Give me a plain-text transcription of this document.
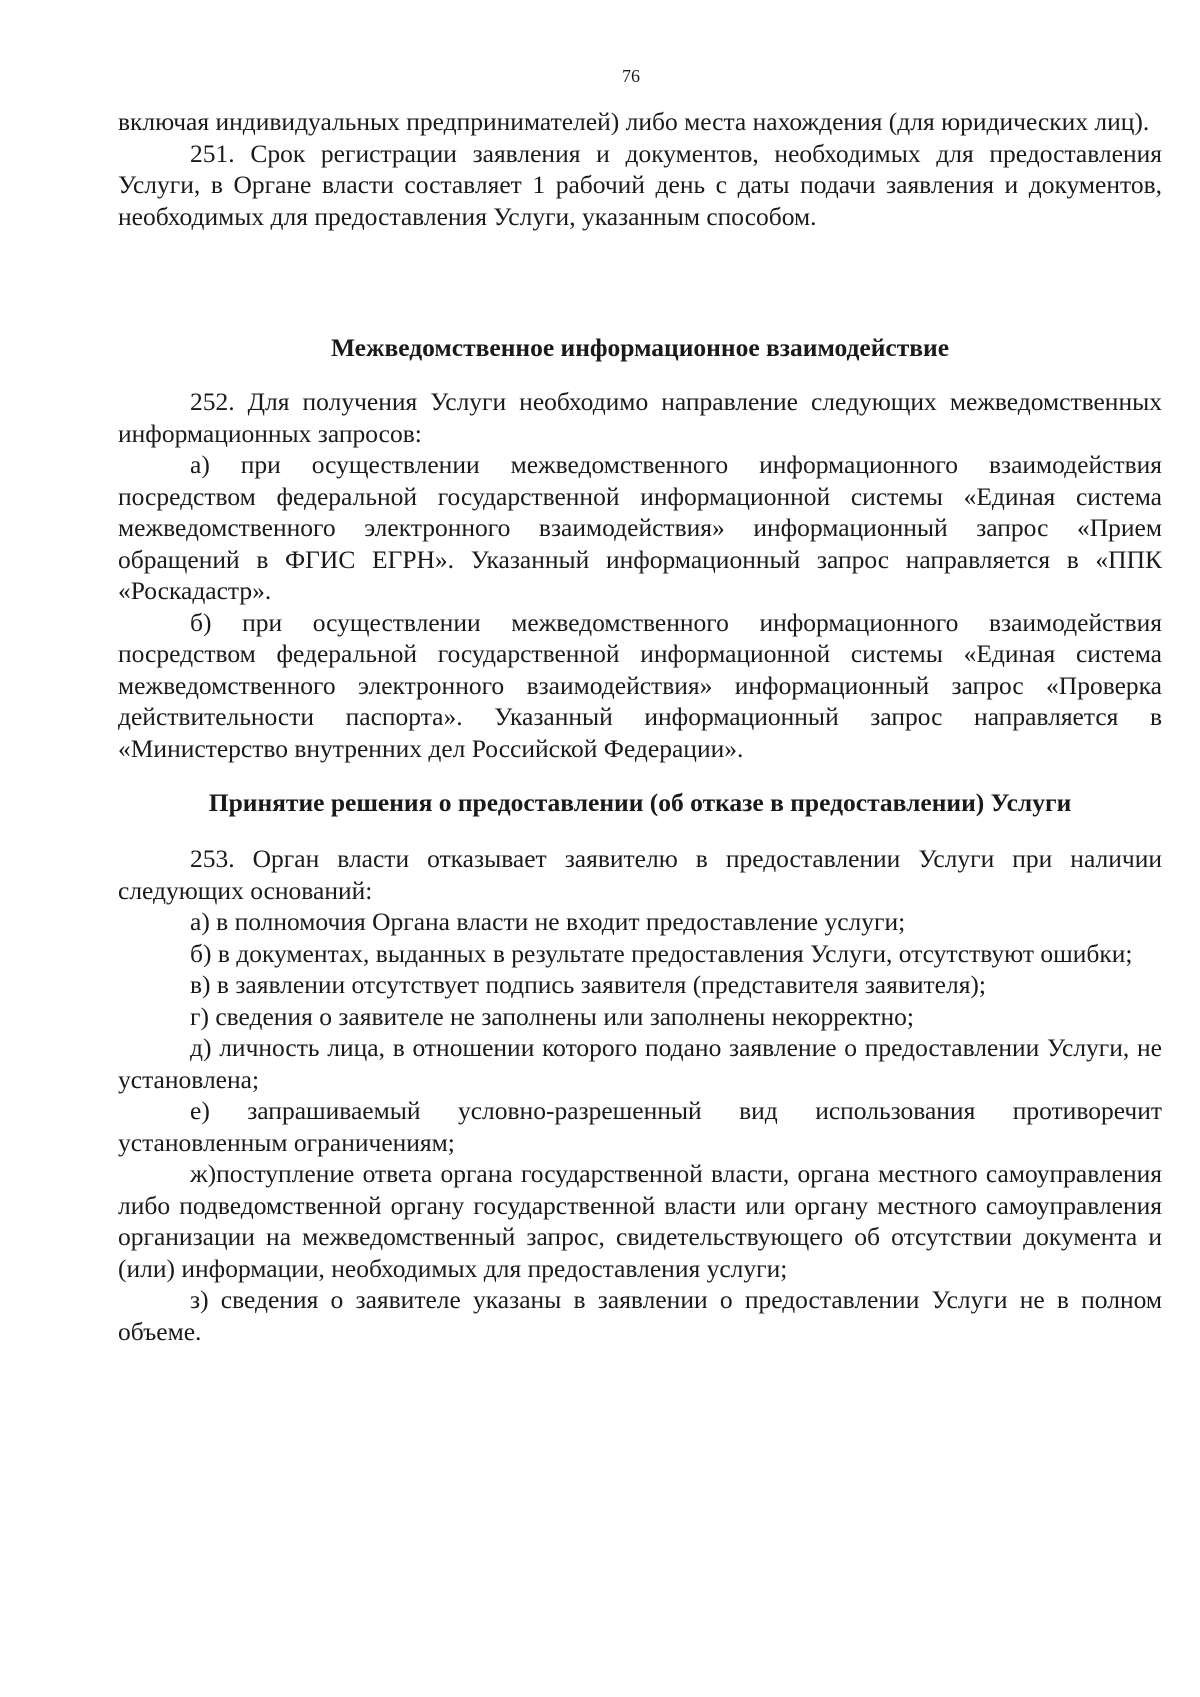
76

включая индивидуальных предпринимателей) либо места нахождения (для юридических лиц).

251. Срок регистрации заявления и документов, необходимых для предоставления Услуги, в Органе власти составляет 1 рабочий день с даты подачи заявления и документов, необходимых для предоставления Услуги, указанным способом.

Межведомственное информационное взаимодействие

252. Для получения Услуги необходимо направление следующих межведомственных информационных запросов:

а) при осуществлении межведомственного информационного взаимодействия посредством федеральной государственной информационной системы «Единая система межведомственного электронного взаимодействия» информационный запрос «Прием обращений в ФГИС ЕГРН». Указанный информационный запрос направляется в «ППК «Роскадастр».

б) при осуществлении межведомственного информационного взаимодействия посредством федеральной государственной информационной системы «Единая система межведомственного электронного взаимодействия» информационный запрос «Проверка действительности паспорта». Указанный информационный запрос направляется в «Министерство внутренних дел Российской Федерации».

Принятие решения о предоставлении (об отказе в предоставлении) Услуги

253. Орган власти отказывает заявителю в предоставлении Услуги при наличии следующих оснований:

а) в полномочия Органа власти не входит предоставление услуги;

б) в документах, выданных в результате предоставления Услуги, отсутствуют ошибки;

в) в заявлении отсутствует подпись заявителя (представителя заявителя);

г) сведения о заявителе не заполнены или заполнены некорректно;

д) личность лица, в отношении которого подано заявление о предоставлении Услуги, не установлена;

е) запрашиваемый условно-разрешенный вид использования противоречит установленным ограничениям;

ж)поступление ответа органа государственной власти, органа местного самоуправления либо подведомственной органу государственной власти или органу местного самоуправления организации на межведомственный запрос, свидетельствующего об отсутствии документа и (или) информации, необходимых для предоставления услуги;

з) сведения о заявителе указаны в заявлении о предоставлении Услуги не в полном объеме.
